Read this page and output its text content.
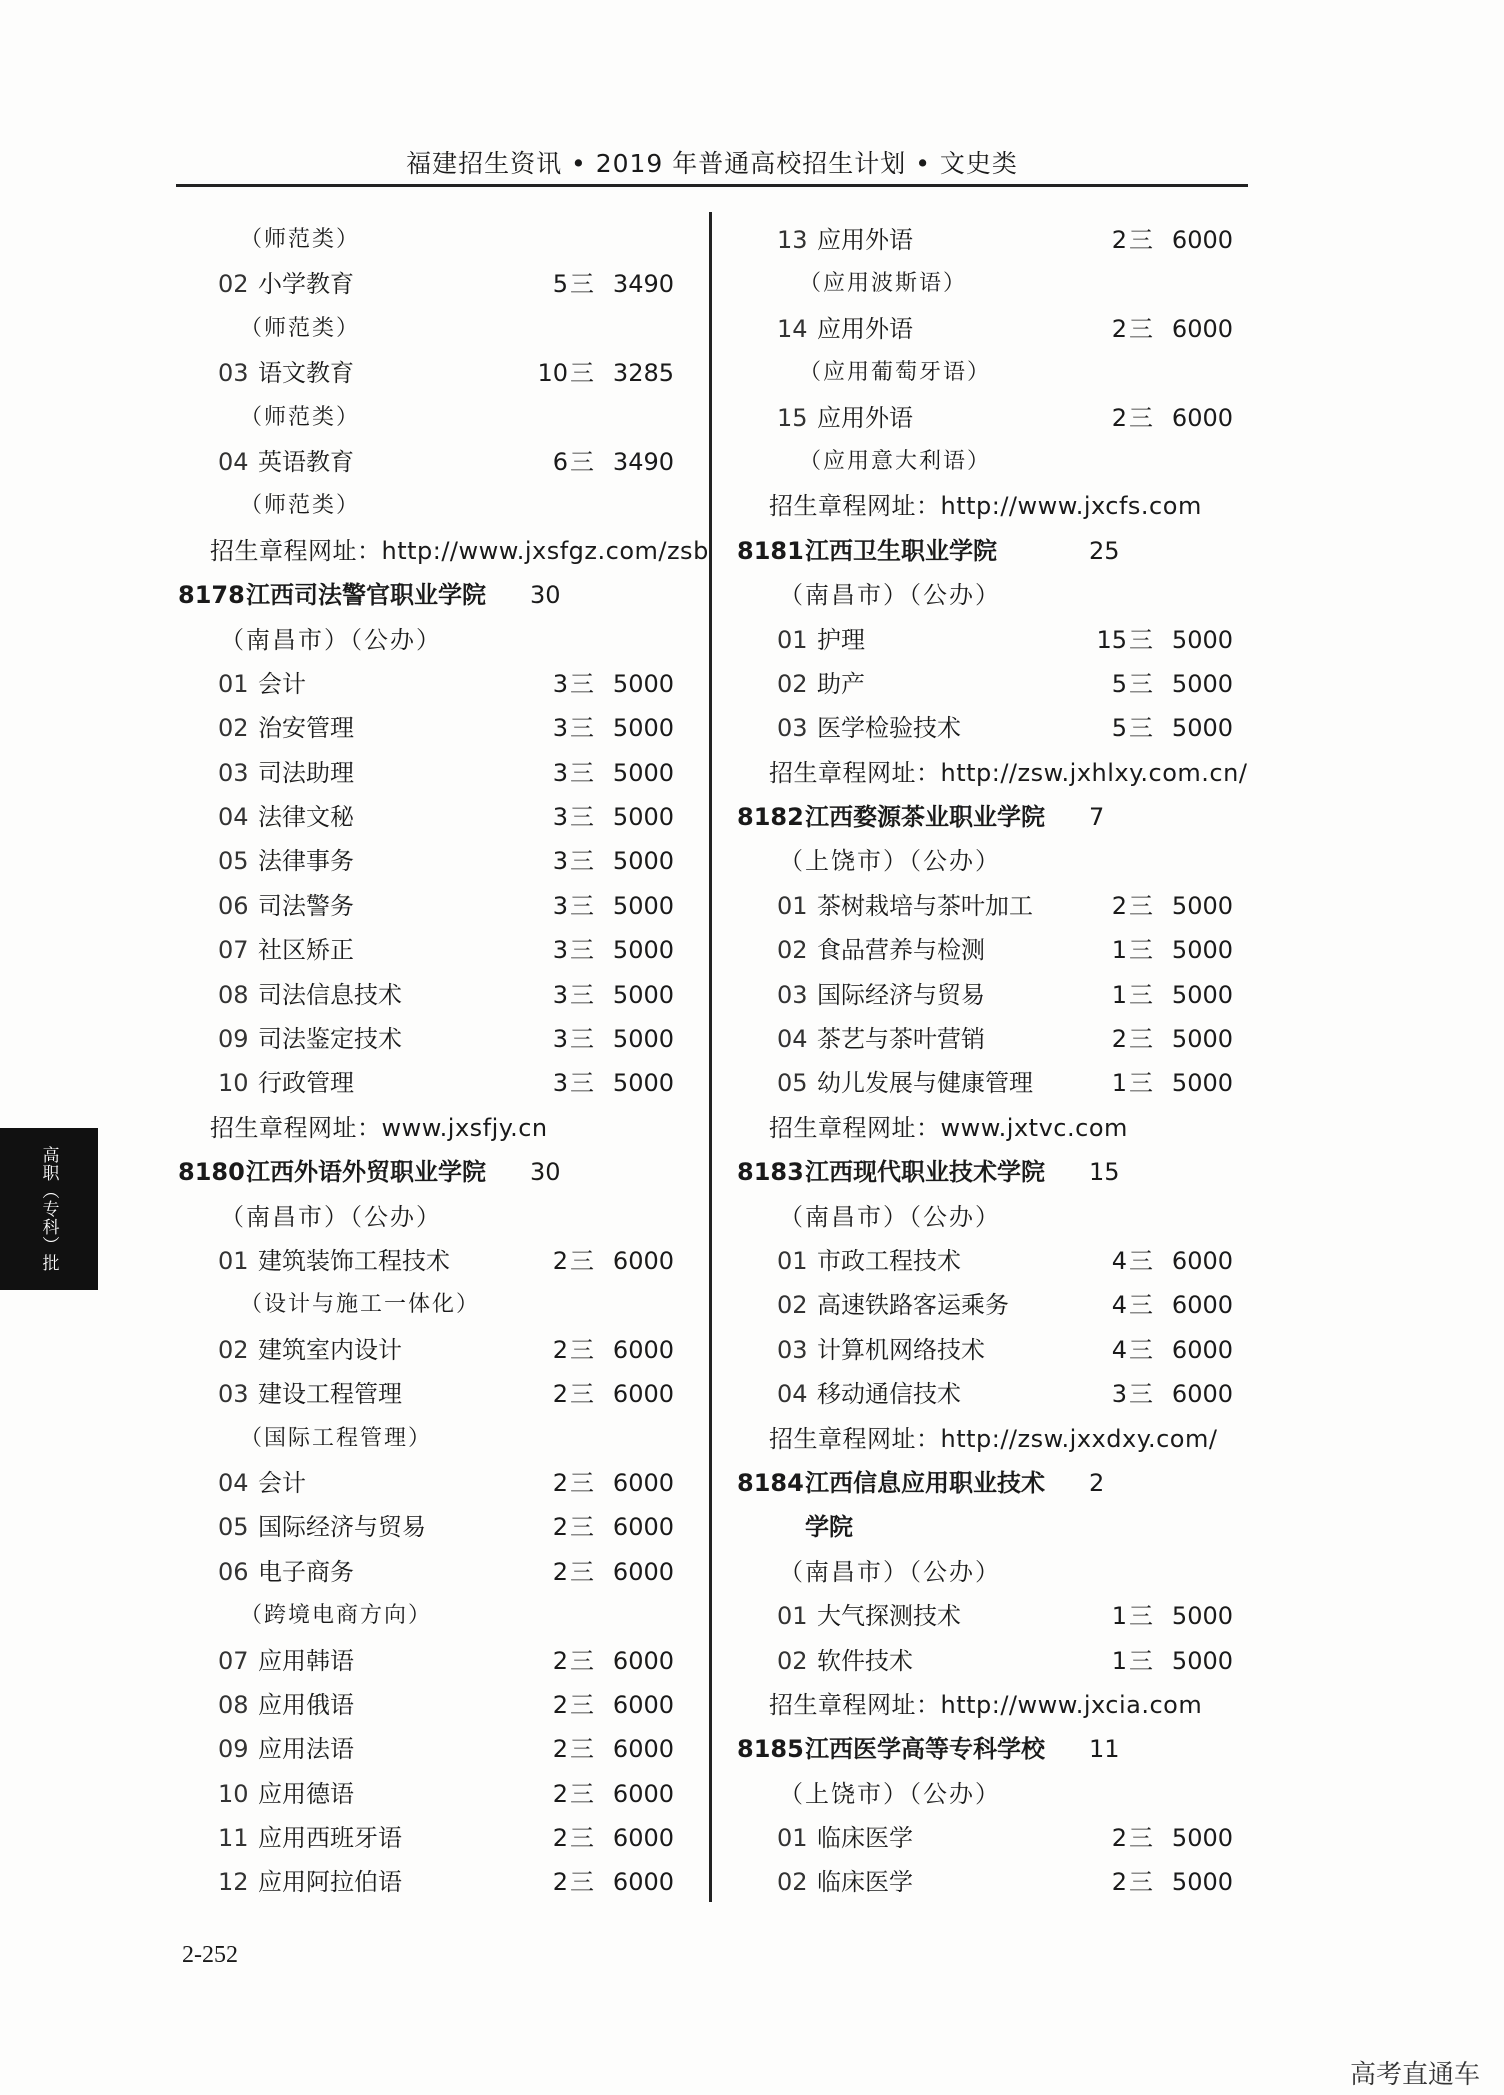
福建招生资讯 • 2019 年普通高校招生计划 • 文史类
（师范类）
02 小学教育	5 三 3490
（师范类）
03 语文教育	10 三 3285
（师范类）
04 英语教育	6 三 3490
（师范类）
招生章程网址：http://www.jxsfgz.com/zsb
8178 江西司法警官职业学院 30
（南昌市）（公办）
01 会计	3 三 5000
02 治安管理	3 三 5000
03 司法助理	3 三 5000
04 法律文秘	3 三 5000
05 法律事务	3 三 5000
06 司法警务	3 三 5000
07 社区矫正	3 三 5000
08 司法信息技术	3 三 5000
09 司法鉴定技术	3 三 5000
10 行政管理	3 三 5000
招生章程网址：www.jxsfjy.cn
8180 江西外语外贸职业学院 30
（南昌市）（公办）
01 建筑装饰工程技术	2 三 6000
（设计与施工一体化）
02 建筑室内设计	2 三 6000
03 建设工程管理	2 三 6000
（国际工程管理）
04 会计	2 三 6000
05 国际经济与贸易	2 三 6000
06 电子商务	2 三 6000
（跨境电商方向）
07 应用韩语	2 三 6000
08 应用俄语	2 三 6000
09 应用法语	2 三 6000
10 应用德语	2 三 6000
11 应用西班牙语	2 三 6000
12 应用阿拉伯语	2 三 6000
13 应用外语	2 三 6000
（应用波斯语）
14 应用外语	2 三 6000
（应用葡萄牙语）
15 应用外语	2 三 6000
（应用意大利语）
招生章程网址：http://www.jxcfs.com
8181 江西卫生职业学院	25
（南昌市）（公办）
01 护理	15 三 5000
02 助产	5 三 5000
03 医学检验技术	5 三 5000
招生章程网址：http://zsw.jxhlxy.com.cn/
8182 江西婺源茶业职业学院 7
（上饶市）（公办）
01 茶树栽培与茶叶加工	2 三 5000
02 食品营养与检测	1 三 5000
03 国际经济与贸易	1 三 5000
04 茶艺与茶叶营销	2 三 5000
05 幼儿发展与健康管理	1 三 5000
招生章程网址：www.jxtvc.com
8183 江西现代职业技术学院 15
（南昌市）（公办）
01 市政工程技术	4 三 6000
02 高速铁路客运乘务	4 三 6000
03 计算机网络技术	4 三 6000
04 移动通信技术	3 三 6000
招生章程网址：http://zsw.jxxdxy.com/
8184 江西信息应用职业技术 2
学院
（南昌市）（公办）
01 大气探测技术	1 三 5000
02 软件技术	1 三 5000
招生章程网址：http://www.jxcia.com
8185 江西医学高等专科学校 11
（上饶市）（公办）
01 临床医学	2 三 5000
02 临床医学	2 三 5000
高职（专科）批
2-252
高考直通车
